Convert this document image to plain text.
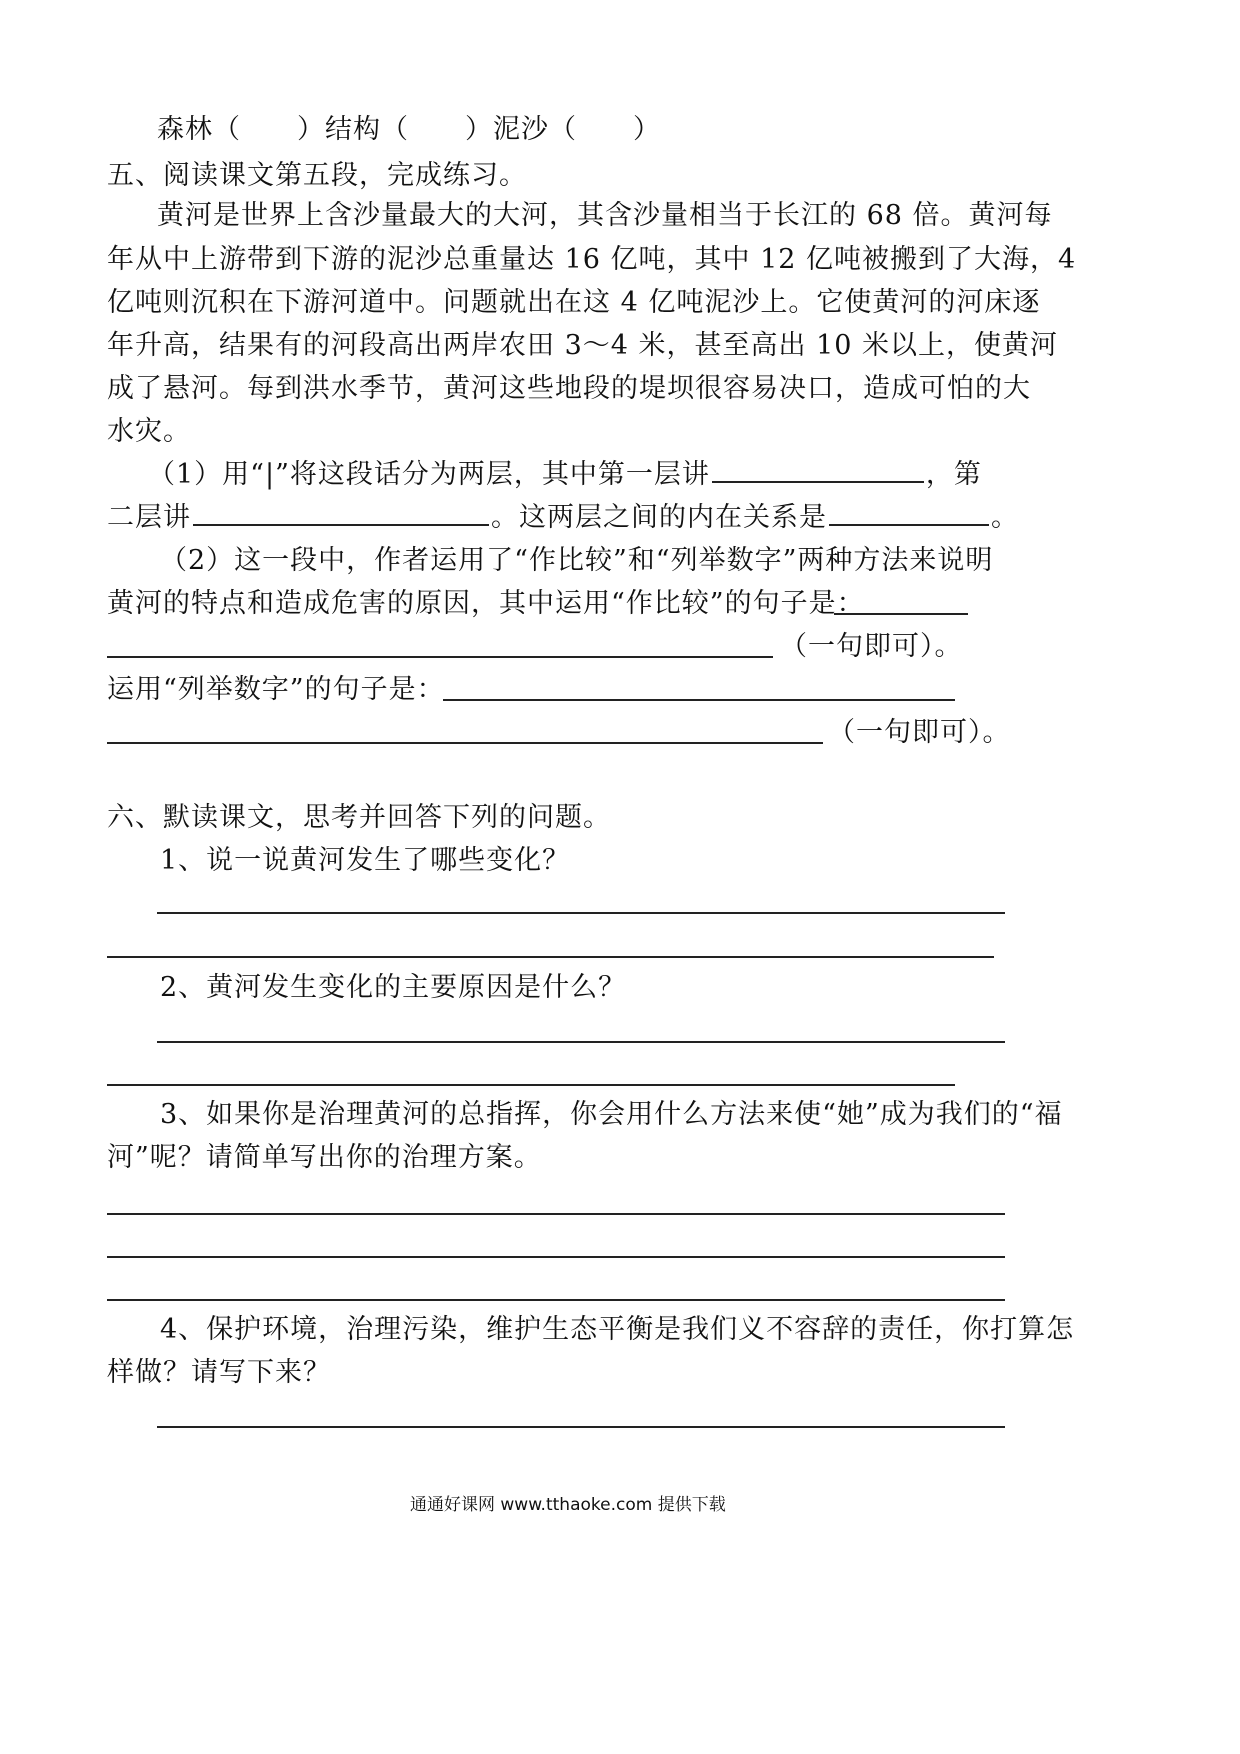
森林（　　）结构（　　）泥沙（　　）
五、阅读课文第五段，完成练习。
黄河是世界上含沙量最大的大河，其含沙量相当于长江的 68 倍。黄河每
年从中上游带到下游的泥沙总重量达 16 亿吨，其中 12 亿吨被搬到了大海，4
亿吨则沉积在下游河道中。问题就出在这 4 亿吨泥沙上。它使黄河的河床逐
年升高，结果有的河段高出两岸农田 3～4 米，甚至高出 10 米以上，使黄河
成了悬河。每到洪水季节，黄河这些地段的堤坝很容易决口，造成可怕的大
水灾。
（1）用“|”将这段话分为两层，其中第一层讲	，第
二层讲	。这两层之间的内在关系是	。
（2）这一段中，作者运用了“作比较”和“列举数字”两种方法来说明
黄河的特点和造成危害的原因，其中运用“作比较”的句子是：
（一句即可）。
运用“列举数字”的句子是：
（一句即可）。
六、默读课文，思考并回答下列的问题。
1、说一说黄河发生了哪些变化？
2、黄河发生变化的主要原因是什么？
3、如果你是治理黄河的总指挥，你会用什么方法来使“她”成为我们的“福
河”呢？请简单写出你的治理方案。
4、保护环境，治理污染，维护生态平衡是我们义不容辞的责任，你打算怎
样做？请写下来？
通通好课网 www.tthaoke.com 提供下载
